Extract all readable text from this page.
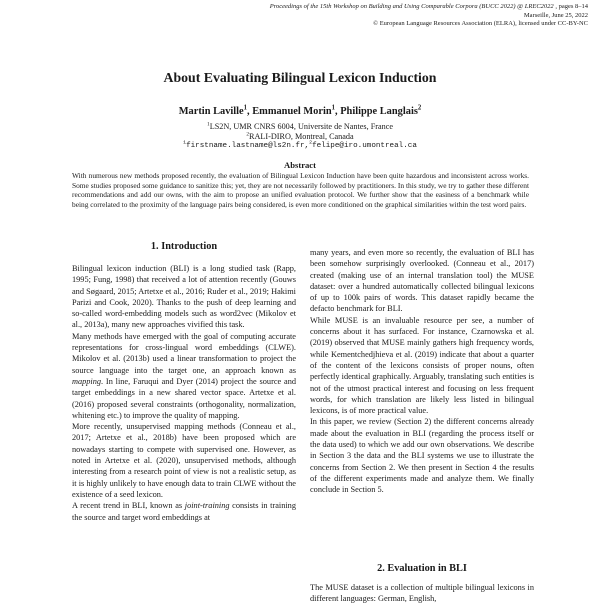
Proceedings of the 15th Workshop on Building and Using Comparable Corpora (BUCC 2022) @ LREC2022 , pages 8–14
Marseille, June 25, 2022
© European Language Resources Association (ELRA), licensed under CC-BY-NC
About Evaluating Bilingual Lexicon Induction
Martin Laville$^1$, Emmanuel Morin$^1$, Philippe Langlais$^2$
$^1$LS2N, UMR CNRS 6004, Universite de Nantes, France
$^2$RALI-DIRO, Montreal, Canada
$^1$firstname.lastname@ls2n.fr,$^2$felipe@iro.umontreal.ca
Abstract
With numerous new methods proposed recently, the evaluation of Bilingual Lexicon Induction have been quite hazardous and inconsistent across works. Some studies proposed some guidance to sanitize this; yet, they are not necessarily followed by practitioners. In this study, we try to gather these different recommendations and add our owns, with the aim to propose an unified evaluation protocol. We further show that the easiness of a benchmark while being correlated to the proximity of the language pairs being considered, is even more conditioned on the graphical similarities within the test word pairs.
1. Introduction

Bilingual lexicon induction (BLI) is a long studied task (Rapp, 1995; Fung, 1998) that received a lot of attention recently (Gouws and Søgaard, 2015; Artetxe et al., 2016; Ruder et al., 2019; Hakimi Parizi and Cook, 2020). Thanks to the push of deep learning and so-called word-embedding models such as word2vec (Mikolov et al., 2013a), many new approaches vivified this task.

Many methods have emerged with the goal of computing accurate representations for cross-lingual word embeddings (CLWE). Mikolov et al. (2013b) used a linear transformation to project the source language into the target one, an approach known as mapping. In line, Faruqui and Dyer (2014) project the source and target embeddings in a new shared vector space. Artetxe et al. (2016) proposed several constraints (orthogonality, normalization, whitening etc.) to improve the quality of mapping.

More recently, unsupervised mapping methods (Conneau et al., 2017; Artetxe et al., 2018b) have been proposed which are nowadays starting to compete with supervised one. However, as noted in Artetxe et al. (2020), unsupervised methods, although interesting from a research point of view is not a realistic setup, as it is highly unlikely to have enough data to train CLWE without the existence of a seed lexicon.

A recent trend in BLI, known as joint-training consists in training the source and target word embeddings at

many years, and even more so recently, the evaluation of BLI has been somehow surprisingly overlooked. (Conneau et al., 2017) created (making use of an internal translation tool) the MUSE dataset: over a hundred automatically collected bilingual lexicons of up to 100k pairs of words. This dataset rapidly became the defacto benchmark for BLI.

While MUSE is an invaluable resource per see, a number of concerns about it has surfaced. For instance, Czarnowska et al. (2019) observed that MUSE mainly gathers high frequency words, while Kementchedjhieva et al. (2019) indicate that about a quarter of the content of the lexicons consists of proper nouns, often perfectly identical graphically. Arguably, translating such entities is not of the utmost practical interest and focusing on less frequent words, for which translation are likely less listed in bilingual lexicons, is of more practical value.

In this paper, we review (Section 2) the different concerns already made about the evaluation in BLI (regarding the process itself or the data used) to which we add our own observations. We describe in Section 3 the data and the BLI systems we use to illustrate the concerns from Section 2. We then present in Section 4 the results of the different experiments made and analyze them. We finally conclude in Section 5.

2. Evaluation in BLI

The MUSE dataset is a collection of multiple bilingual lexicons in different languages: German, English,
